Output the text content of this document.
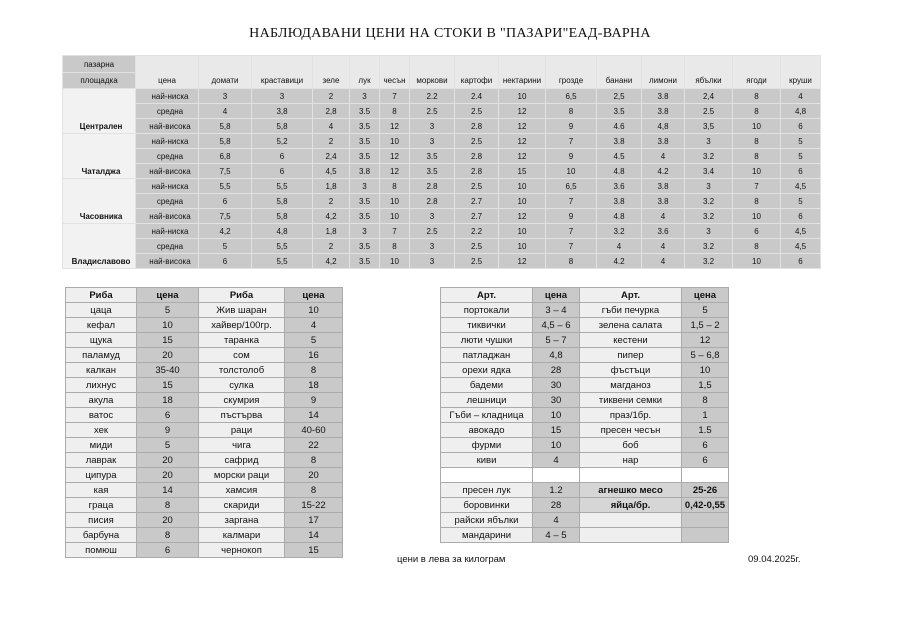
НАБЛЮДАВАНИ ЦЕНИ НА СТОКИ В "ПАЗАРИ"ЕАД-ВАРНА
пазарна	цена	домати	краставици	зеле	лук	чесън	моркови	картофи	нектарини	грозде	банани	лимони	ябълки	ягоди	круши
площадка															
Централен	най-ниска	3	3	2	3	7	2.2	2.4	10	6,5	2,5	3.8	2,4	8	4
	средна	4	3,8	2,8	3.5	8	2.5	2.5	12	8	3.5	3.8	2.5	8	4,8
	най-висока	5,8	5,8	4	3.5	12	3	2.8	12	9	4.6	4,8	3,5	10	6
Чаталджа	най-ниска	5,8	5,2	2	3.5	10	3	2.5	12	7	3.8	3.8	3	8	5
	средна	6,8	6	2,4	3.5	12	3.5	2.8	12	9	4.5	4	3.2	8	5
	най-висока	7,5	6	4,5	3.8	12	3.5	2.8	15	10	4.8	4.2	3.4	10	6
Часовника	най-ниска	5,5	5,5	1,8	3	8	2.8	2.5	10	6,5	3.6	3.8	3	7	4,5
	средна	6	5,8	2	3.5	10	2.8	2.7	10	7	3.8	3.8	3.2	8	5
	най-висока	7,5	5,8	4,2	3.5	10	3	2.7	12	9	4.8	4	3.2	10	6
Владиславово	най-ниска	4,2	4,8	1,8	3	7	2.5	2.2	10	7	3.2	3.6	3	6	4,5
	средна	5	5,5	2	3.5	8	3	2.5	10	7	4	4	3.2	8	4,5
	най-висока	6	5,5	4,2	3.5	10	3	2.5	12	8	4.2	4	3.2	10	6
Риба	цена	Риба	цена
цаца	5	Жив шаран	10
кефал	10	хайвер/100гр.	4
щука	15	таранка	5
паламуд	20	сом	16
калкан	35-40	толстолоб	8
лихнус	15	сулка	18
акула	18	скумрия	9
ватос	6	пъстърва	14
хек	9	раци	40-60
миди	5	чига	22
лаврак	20	сафрид	8
ципура	20	морски раци	20
кая	14	хамсия	8
граца	8	скариди	15-22
писия	20	заргана	17
барбуна	8	калмари	14
помюш	6	чернокоп	15
Арт.	цена	Арт.	цена
портокали	3 – 4	гъби печурка	5
тиквички	4,5 – 6	зелена салата	1,5 – 2
люти чушки	5 – 7	кестени	12
патладжан	4,8	пипер	5 – 6,8
орехи ядка	28	фъстъци	10
бадеми	30	магданоз	1,5
лешници	30	тиквени семки	8
Гъби – кладница	10	праз/1бр.	1
авокадо	15	пресен чесън	1.5
фурми	10	боб	6
киви	4	нар	6

пресен лук	1.2	агнешко месо	25-26
боровинки	28	яйца/бр.	0,42-0,55
райски ябълки	4		
мандарини	4 – 5		
цени в лева за килограм	09.04.2025г.
